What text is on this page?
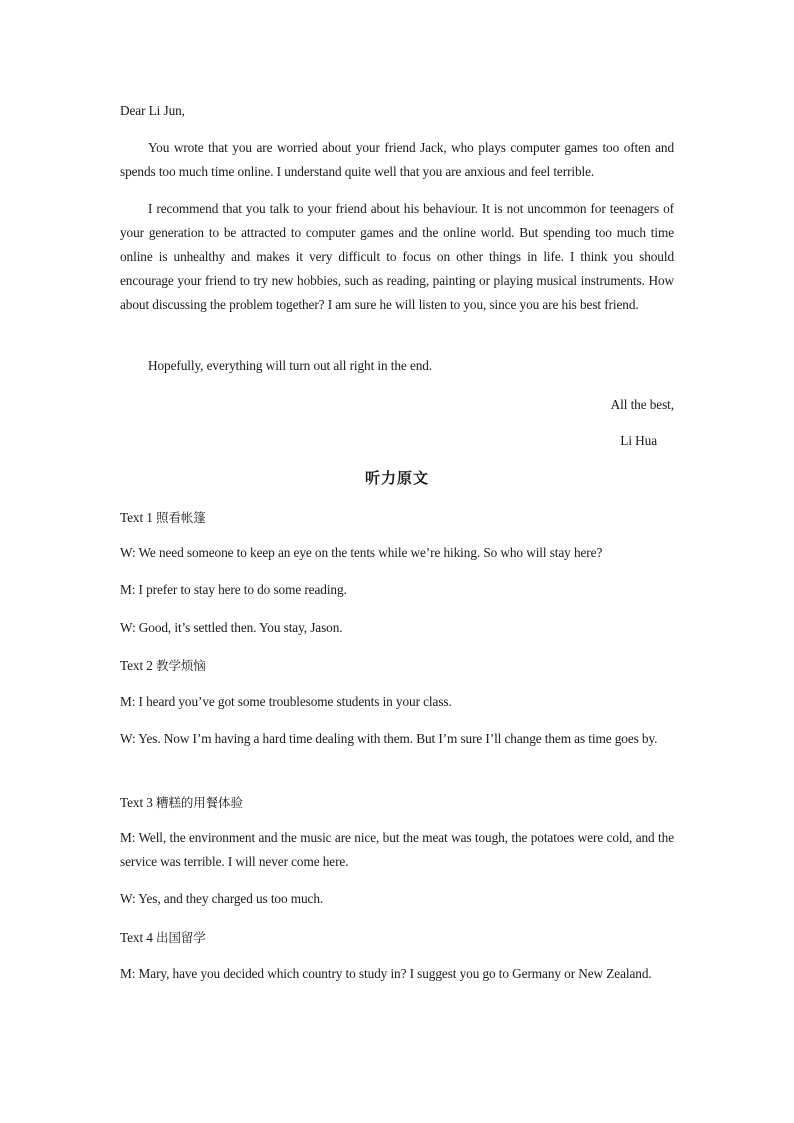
Dear Li Jun,
You wrote that you are worried about your friend Jack, who plays computer games too often and spends too much time online. I understand quite well that you are anxious and feel terrible.
I recommend that you talk to your friend about his behaviour. It is not uncommon for teenagers of your generation to be attracted to computer games and the online world. But spending too much time online is unhealthy and makes it very difficult to focus on other things in life. I think you should encourage your friend to try new hobbies, such as reading, painting or playing musical instruments. How about discussing the problem together? I am sure he will listen to you, since you are his best friend.
Hopefully, everything will turn out all right in the end.
All the best,
Li Hua
听力原文
Text 1 照看帐篷
W: We need someone to keep an eye on the tents while we’re hiking. So who will stay here?
M: I prefer to stay here to do some reading.
W: Good, it’s settled then. You stay, Jason.
Text 2 教学烦恼
M: I heard you’ve got some troublesome students in your class.
W: Yes. Now I’m having a hard time dealing with them. But I’m sure I’ll change them as time goes by.
Text 3 糟糕的用餐体验
M: Well, the environment and the music are nice, but the meat was tough, the potatoes were cold, and the service was terrible. I will never come here.
W: Yes, and they charged us too much.
Text 4 出国留学
M: Mary, have you decided which country to study in? I suggest you go to Germany or New Zealand.
